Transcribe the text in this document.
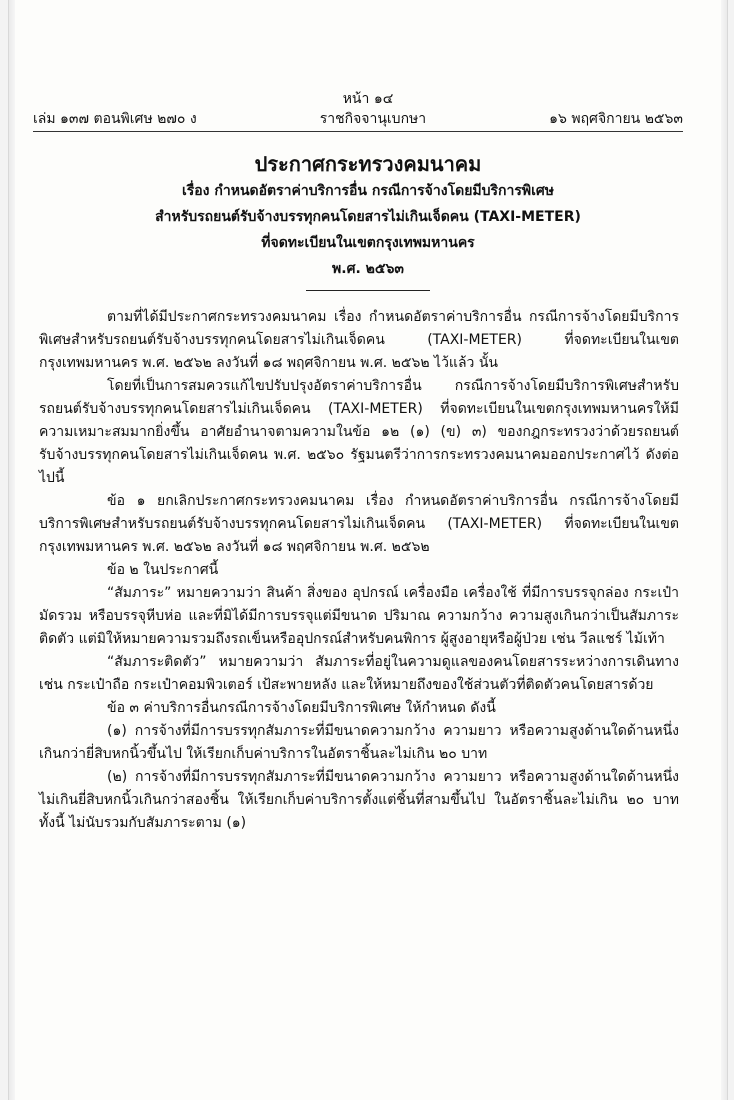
หน้า ๑๔
เล่ม ๑๓๗ ตอนพิเศษ ๒๗๐ ง	ราชกิจจานุเบกษา	๑๖ พฤศจิกายน ๒๕๖๓
ประกาศกระทรวงคมนาคม
เรื่อง กำหนดอัตราค่าบริการอื่น กรณีการจ้างโดยมีบริการพิเศษ
สำหรับรถยนต์รับจ้างบรรทุกคนโดยสารไม่เกินเจ็ดคน (TAXI-METER)
ที่จดทะเบียนในเขตกรุงเทพมหานคร
พ.ศ. ๒๕๖๓

ตามที่ได้มีประกาศกระทรวงคมนาคม เรื่อง กำหนดอัตราค่าบริการอื่น กรณีการจ้างโดยมีบริการพิเศษสำหรับรถยนต์รับจ้างบรรทุกคนโดยสารไม่เกินเจ็ดคน (TAXI-METER) ที่จดทะเบียนในเขตกรุงเทพมหานคร พ.ศ. ๒๕๖๒ ลงวันที่ ๑๘ พฤศจิกายน พ.ศ. ๒๕๖๒ ไว้แล้ว นั้น

โดยที่เป็นการสมควรแก้ไขปรับปรุงอัตราค่าบริการอื่น กรณีการจ้างโดยมีบริการพิเศษสำหรับรถยนต์รับจ้างบรรทุกคนโดยสารไม่เกินเจ็ดคน (TAXI-METER) ที่จดทะเบียนในเขตกรุงเทพมหานครให้มีความเหมาะสมมากยิ่งขึ้น อาศัยอำนาจตามความในข้อ ๑๒ (๑) (ข) ๓) ของกฎกระทรวงว่าด้วยรถยนต์รับจ้างบรรทุกคนโดยสารไม่เกินเจ็ดคน พ.ศ. ๒๕๖๐ รัฐมนตรีว่าการกระทรวงคมนาคมออกประกาศไว้ ดังต่อไปนี้

ข้อ ๑ ยกเลิกประกาศกระทรวงคมนาคม เรื่อง กำหนดอัตราค่าบริการอื่น กรณีการจ้างโดยมีบริการพิเศษสำหรับรถยนต์รับจ้างบรรทุกคนโดยสารไม่เกินเจ็ดคน (TAXI-METER) ที่จดทะเบียนในเขตกรุงเทพมหานคร พ.ศ. ๒๕๖๒ ลงวันที่ ๑๘ พฤศจิกายน พ.ศ. ๒๕๖๒

ข้อ ๒ ในประกาศนี้

“สัมภาระ” หมายความว่า สินค้า สิ่งของ อุปกรณ์ เครื่องมือ เครื่องใช้ ที่มีการบรรจุกล่อง กระเป๋า มัดรวม หรือบรรจุหีบห่อ และที่มิได้มีการบรรจุแต่มีขนาด ปริมาณ ความกว้าง ความสูงเกินกว่าเป็นสัมภาระติดตัว แต่มิให้หมายความรวมถึงรถเข็นหรืออุปกรณ์สำหรับคนพิการ ผู้สูงอายุหรือผู้ป่วย เช่น วีลแชร์ ไม้เท้า

“สัมภาระติดตัว” หมายความว่า สัมภาระที่อยู่ในความดูแลของคนโดยสารระหว่างการเดินทาง เช่น กระเป๋าถือ กระเป๋าคอมพิวเตอร์ เป้สะพายหลัง และให้หมายถึงของใช้ส่วนตัวที่ติดตัวคนโดยสารด้วย

ข้อ ๓ ค่าบริการอื่นกรณีการจ้างโดยมีบริการพิเศษ ให้กำหนด ดังนี้

(๑) การจ้างที่มีการบรรทุกสัมภาระที่มีขนาดความกว้าง ความยาว หรือความสูงด้านใดด้านหนึ่งเกินกว่ายี่สิบหกนิ้วขึ้นไป ให้เรียกเก็บค่าบริการในอัตราชิ้นละไม่เกิน ๒๐ บาท

(๒) การจ้างที่มีการบรรทุกสัมภาระที่มีขนาดความกว้าง ความยาว หรือความสูงด้านใดด้านหนึ่งไม่เกินยี่สิบหกนิ้วเกินกว่าสองชิ้น ให้เรียกเก็บค่าบริการตั้งแต่ชิ้นที่สามขึ้นไป ในอัตราชิ้นละไม่เกิน ๒๐ บาท ทั้งนี้ ไม่นับรวมกับสัมภาระตาม (๑)
